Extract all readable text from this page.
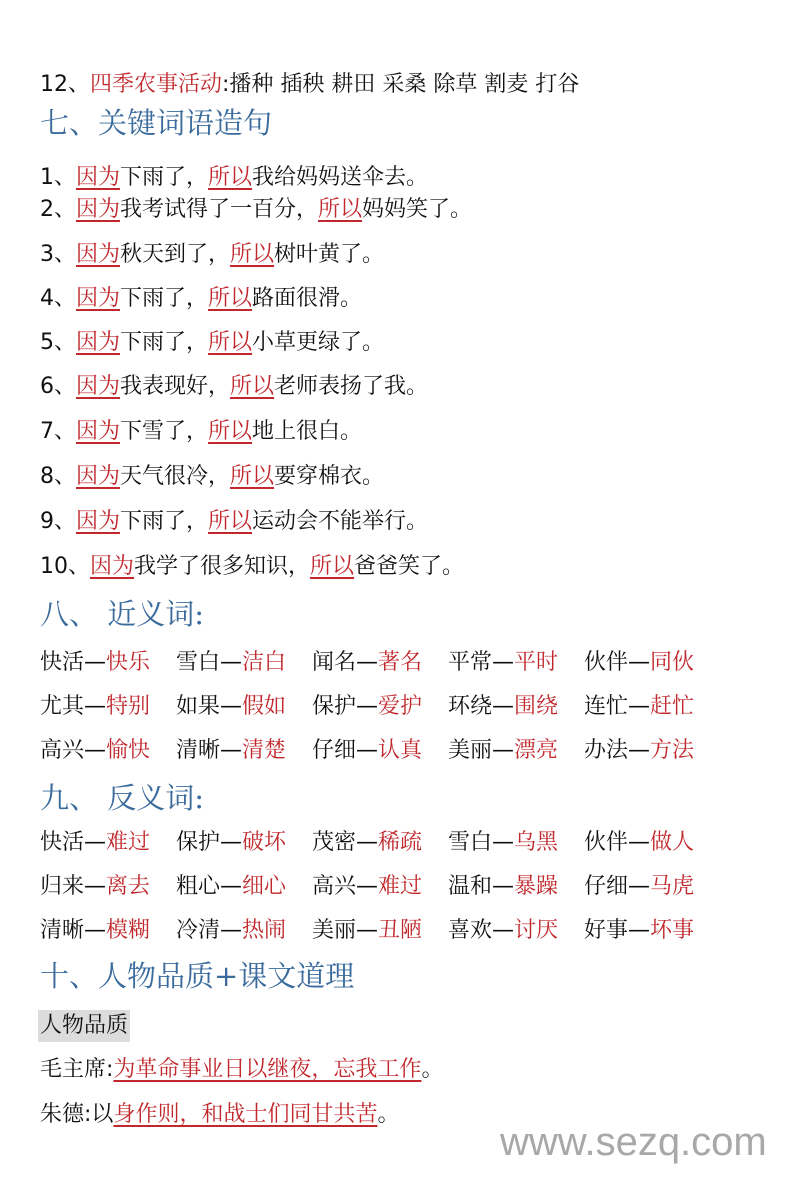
12、四季农事活动:播种 插秧 耕田 采桑 除草 割麦 打谷
七、关键词语造句
1、因为下雨了，所以我给妈妈送伞去。
2、因为我考试得了一百分，所以妈妈笑了。
3、因为秋天到了，所以树叶黄了。
4、因为下雨了，所以路面很滑。
5、因为下雨了，所以小草更绿了。
6、因为我表现好，所以老师表扬了我。
7、因为下雪了，所以地上很白。
8、因为天气很冷，所以要穿棉衣。
9、因为下雨了，所以运动会不能举行。
10、因为我学了很多知识，所以爸爸笑了。
八、 近义词:
快活—快乐 雪白—洁白 闻名—著名 平常—平时 伙伴—同伙
尤其—特别 如果—假如 保护—爱护 环绕—围绕 连忙—赶忙
高兴—愉快 清晰—清楚 仔细—认真 美丽—漂亮 办法—方法
九、 反义词:
快活—难过 保护—破坏 茂密—稀疏 雪白—乌黑 伙伴—做人
归来—离去 粗心—细心 高兴—难过 温和—暴躁 仔细—马虎
清晰—模糊 冷清—热闹 美丽—丑陋 喜欢—讨厌 好事—坏事
十、人物品质+课文道理
人物品质
毛主席:为革命事业日以继夜，忘我工作。
朱德:以身作则，和战士们同甘共苦。
www.sezq.com
